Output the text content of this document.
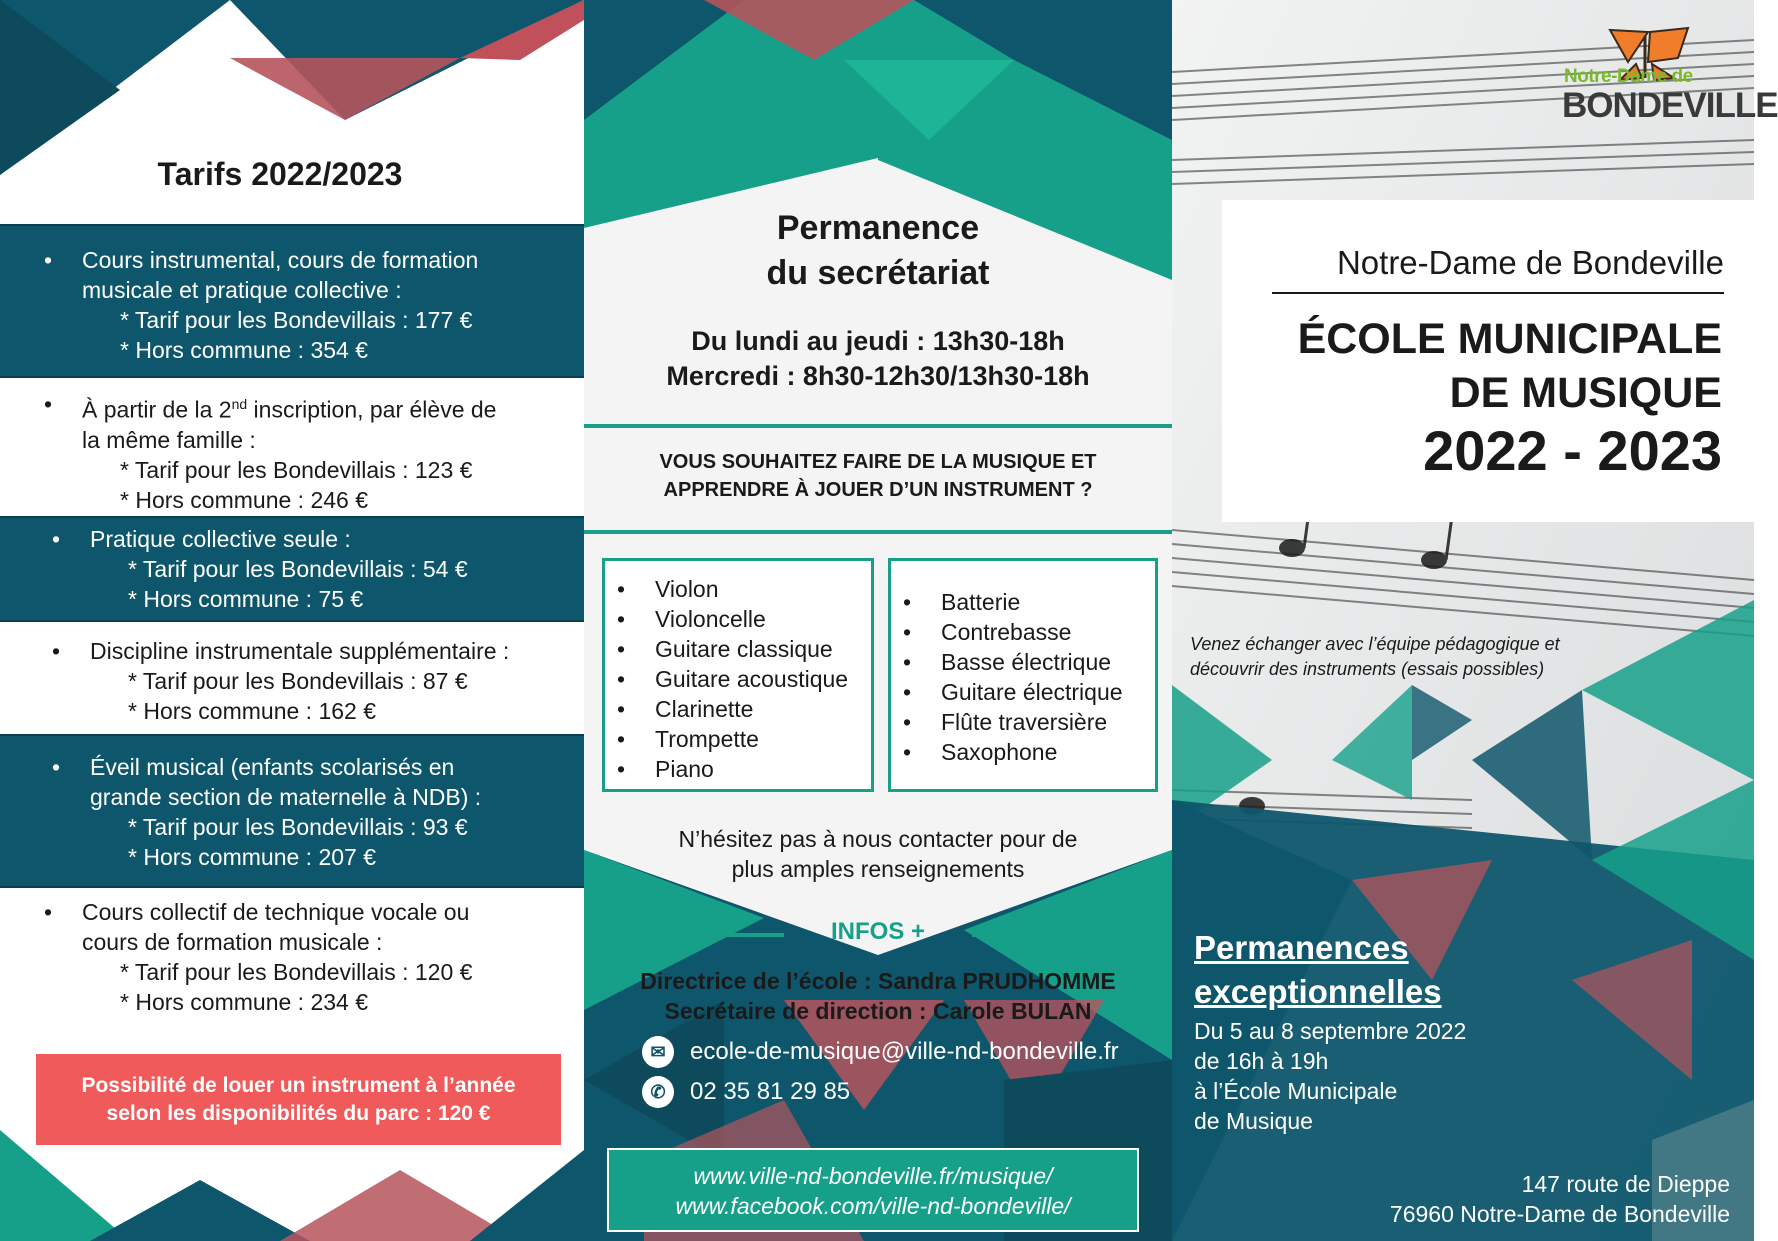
Tarifs 2022/2023
• Cours instrumental, cours de formation
musicale et pratique collective :
* Tarif pour les Bondevillais : 177 €
* Hors commune : 354 €
• À partir de la 2nd inscription, par élève de
la même famille :
* Tarif pour les Bondevillais : 123 €
* Hors commune : 246 €
• Pratique collective seule :
* Tarif pour les Bondevillais : 54 €
* Hors commune : 75 €
• Discipline instrumentale supplémentaire :
* Tarif pour les Bondevillais : 87 €
* Hors commune : 162 €
• Éveil musical (enfants scolarisés en
grande section de maternelle à NDB) :
* Tarif pour les Bondevillais : 93 €
* Hors commune : 207 €
• Cours collectif de technique vocale ou
cours de formation musicale :
* Tarif pour les Bondevillais : 120 €
* Hors commune : 234 €
Possibilité de louer un instrument à l’année
selon les disponibilités du parc : 120 €
Permanence
du secrétariat
Du lundi au jeudi : 13h30-18h
Mercredi : 8h30-12h30/13h30-18h
VOUS SOUHAITEZ FAIRE DE LA MUSIQUE ET
APPRENDRE À JOUER D’UN INSTRUMENT ?
• Violon
• Violoncelle
• Guitare classique
• Guitare acoustique
• Clarinette
• Trompette
• Piano
• Batterie
• Contrebasse
• Basse électrique
• Guitare électrique
• Flûte traversière
• Saxophone
N’hésitez pas à nous contacter pour de
plus amples renseignements
INFOS +
Directrice de l’école : Sandra PRUDHOMME
Secrétaire de direction : Carole BULAN
✉	ecole-de-musique@ville-nd-bondeville.fr
✆	02 35 81 29 85
www.ville-nd-bondeville.fr/musique/
www.facebook.com/ville-nd-bondeville/
Notre-Dame de
BONDEVILLE
Notre-Dame de Bondeville
ÉCOLE MUNICIPALE
DE MUSIQUE
2022 - 2023
Venez échanger avec l’équipe pédagogique et
découvrir des instruments (essais possibles)
Permanences
exceptionnelles
Du 5 au 8 septembre 2022
de 16h à 19h
à l’École Municipale
de Musique
147 route de Dieppe
76960 Notre-Dame de Bondeville
